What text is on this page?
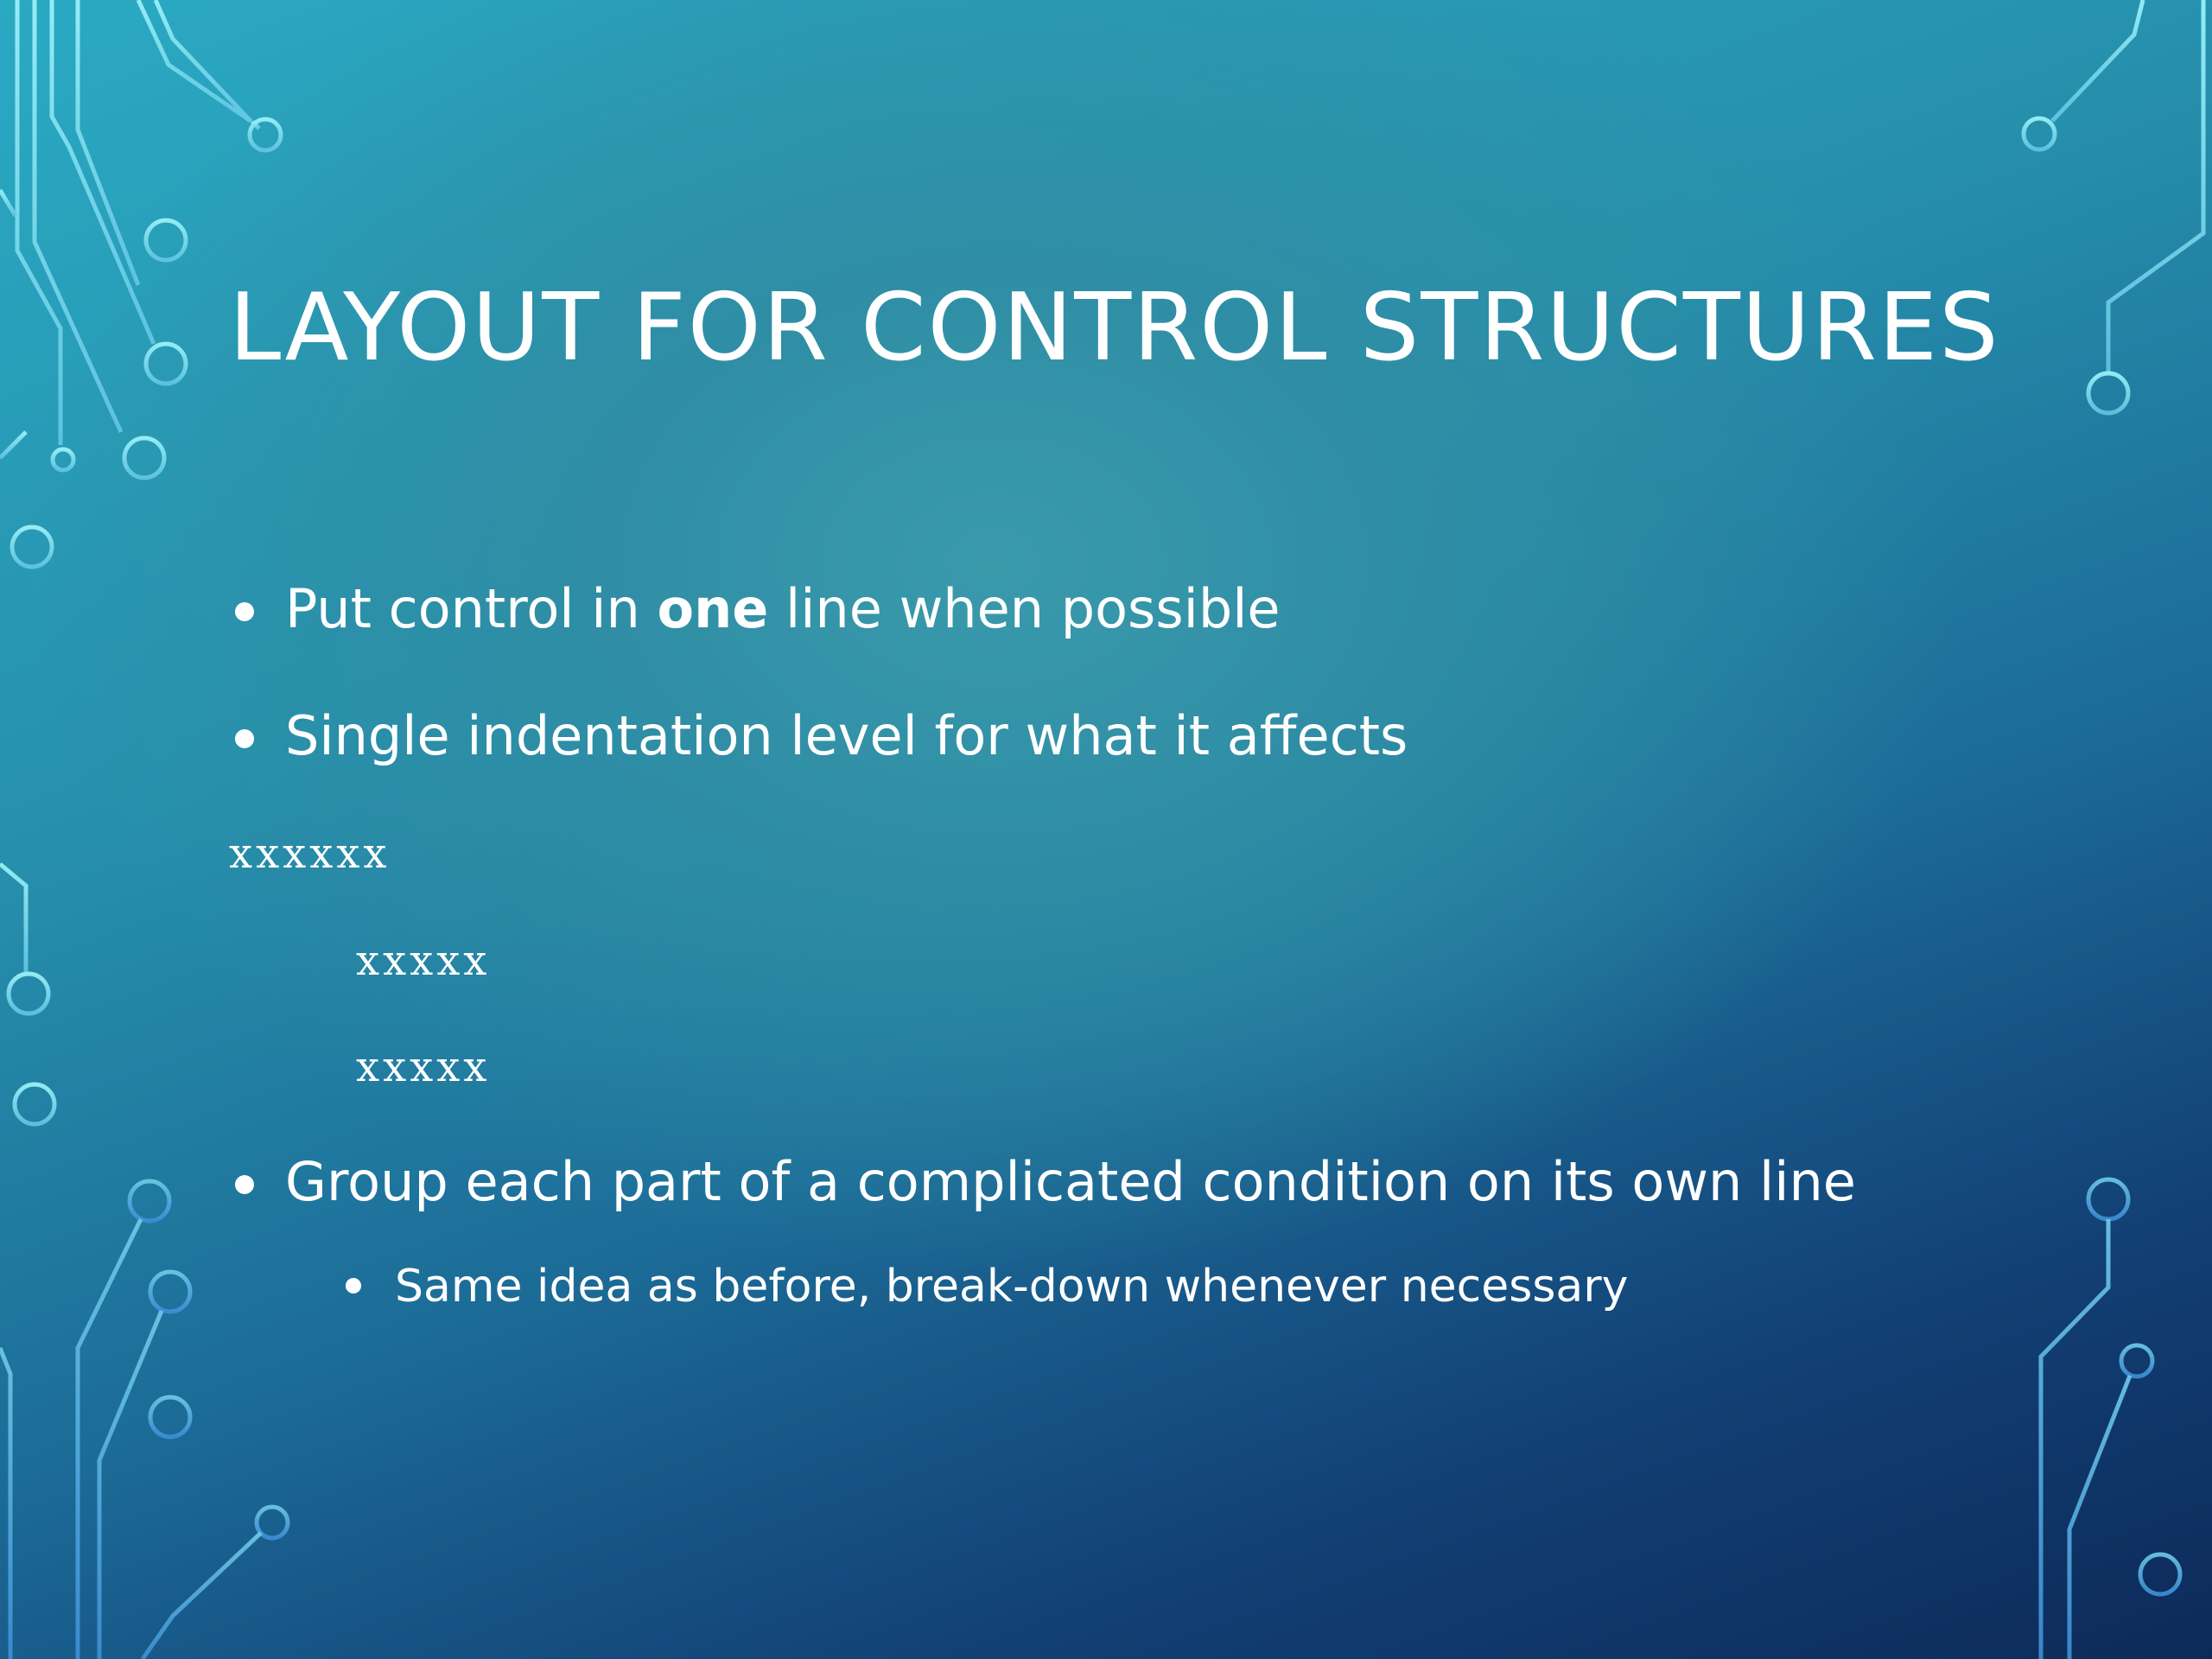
LAYOUT FOR CONTROL STRUCTURES
Put control in one line when possible
Single indentation level for what it affects
xxxxxx
xxxxx
xxxxx
Group each part of a complicated condition on its own line
Same idea as before, break-down whenever necessary
